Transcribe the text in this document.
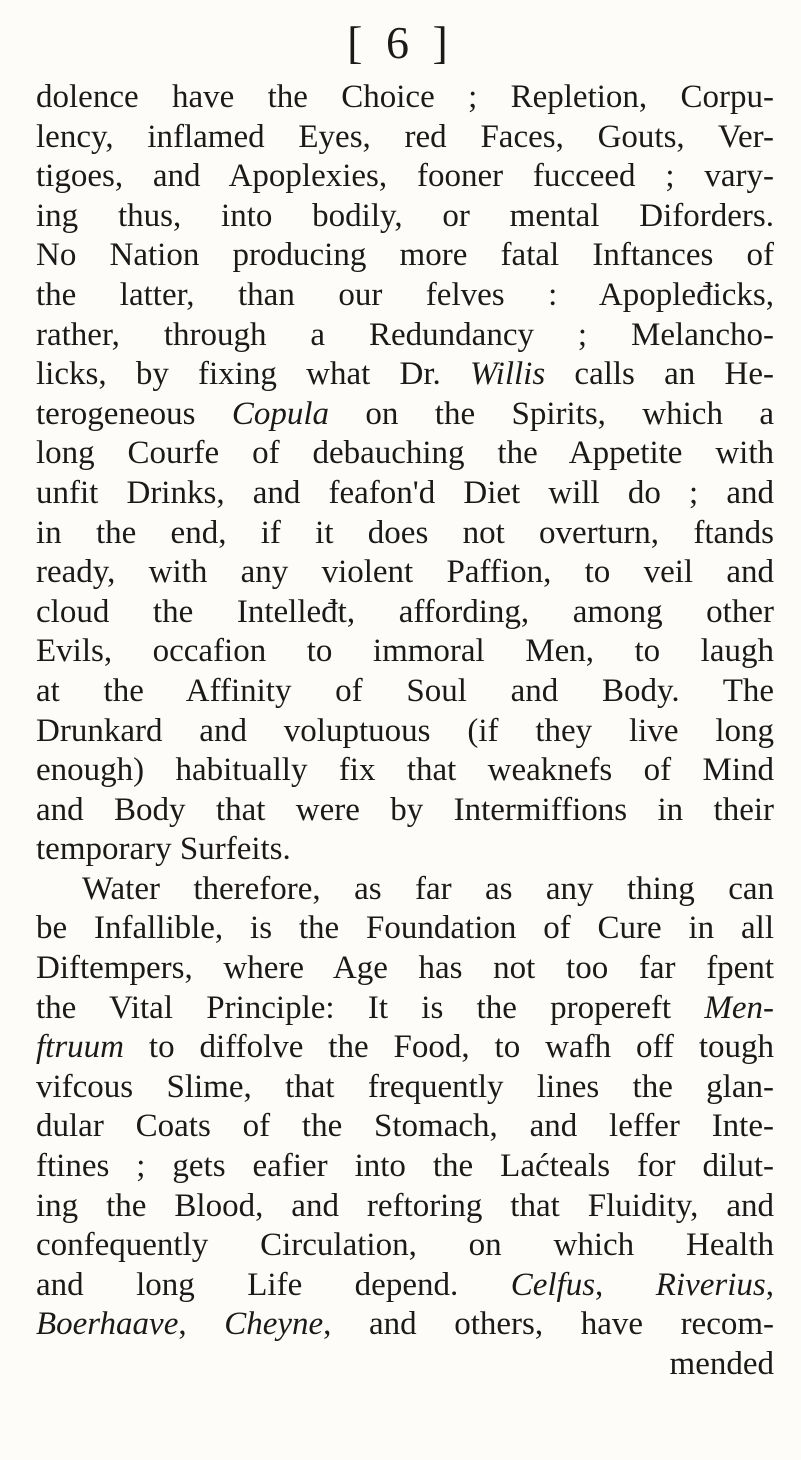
[ 6 ]
dolence have the Choice ; Repletion, Corpu-
lency, inflamed Eyes, red Faces, Gouts, Ver-
tigoes, and Apoplexies, fooner fucceed ; vary-
ing thus, into bodily, or mental Diforders.
No Nation producing more fatal Inftances of
the latter, than our felves : Apopleđicks,
rather, through a Redundancy ; Melancho-
licks, by fixing what Dr. Willis calls an He-
terogeneous Copula on the Spirits, which a
long Courfe of debauching the Appetite with
unfit Drinks, and feafon'd Diet will do ; and
in the end, if it does not overturn, ftands
ready, with any violent Paffion, to veil and
cloud the Intelleđt, affording, among other
Evils, occafion to immoral Men, to laugh
at the Affinity of Soul and Body. The
Drunkard and voluptuous (if they live long
enough) habitually fix that weaknefs of Mind
and Body that were by Intermiffions in their
temporary Surfeits.
Water therefore, as far as any thing can
be Infallible, is the Foundation of Cure in all
Diftempers, where Age has not too far fpent
the Vital Principle: It is the propereft Men-
ftruum to diffolve the Food, to wafh off tough
vifcous Slime, that frequently lines the glan-
dular Coats of the Stomach, and leffer Inte-
ftines ; gets eafier into the Laćteals for dilut-
ing the Blood, and reftoring that Fluidity, and
confequently Circulation, on which Health
and long Life depend. Celfus, Riverius,
Boerhaave, Cheyne, and others, have recom-
mended
